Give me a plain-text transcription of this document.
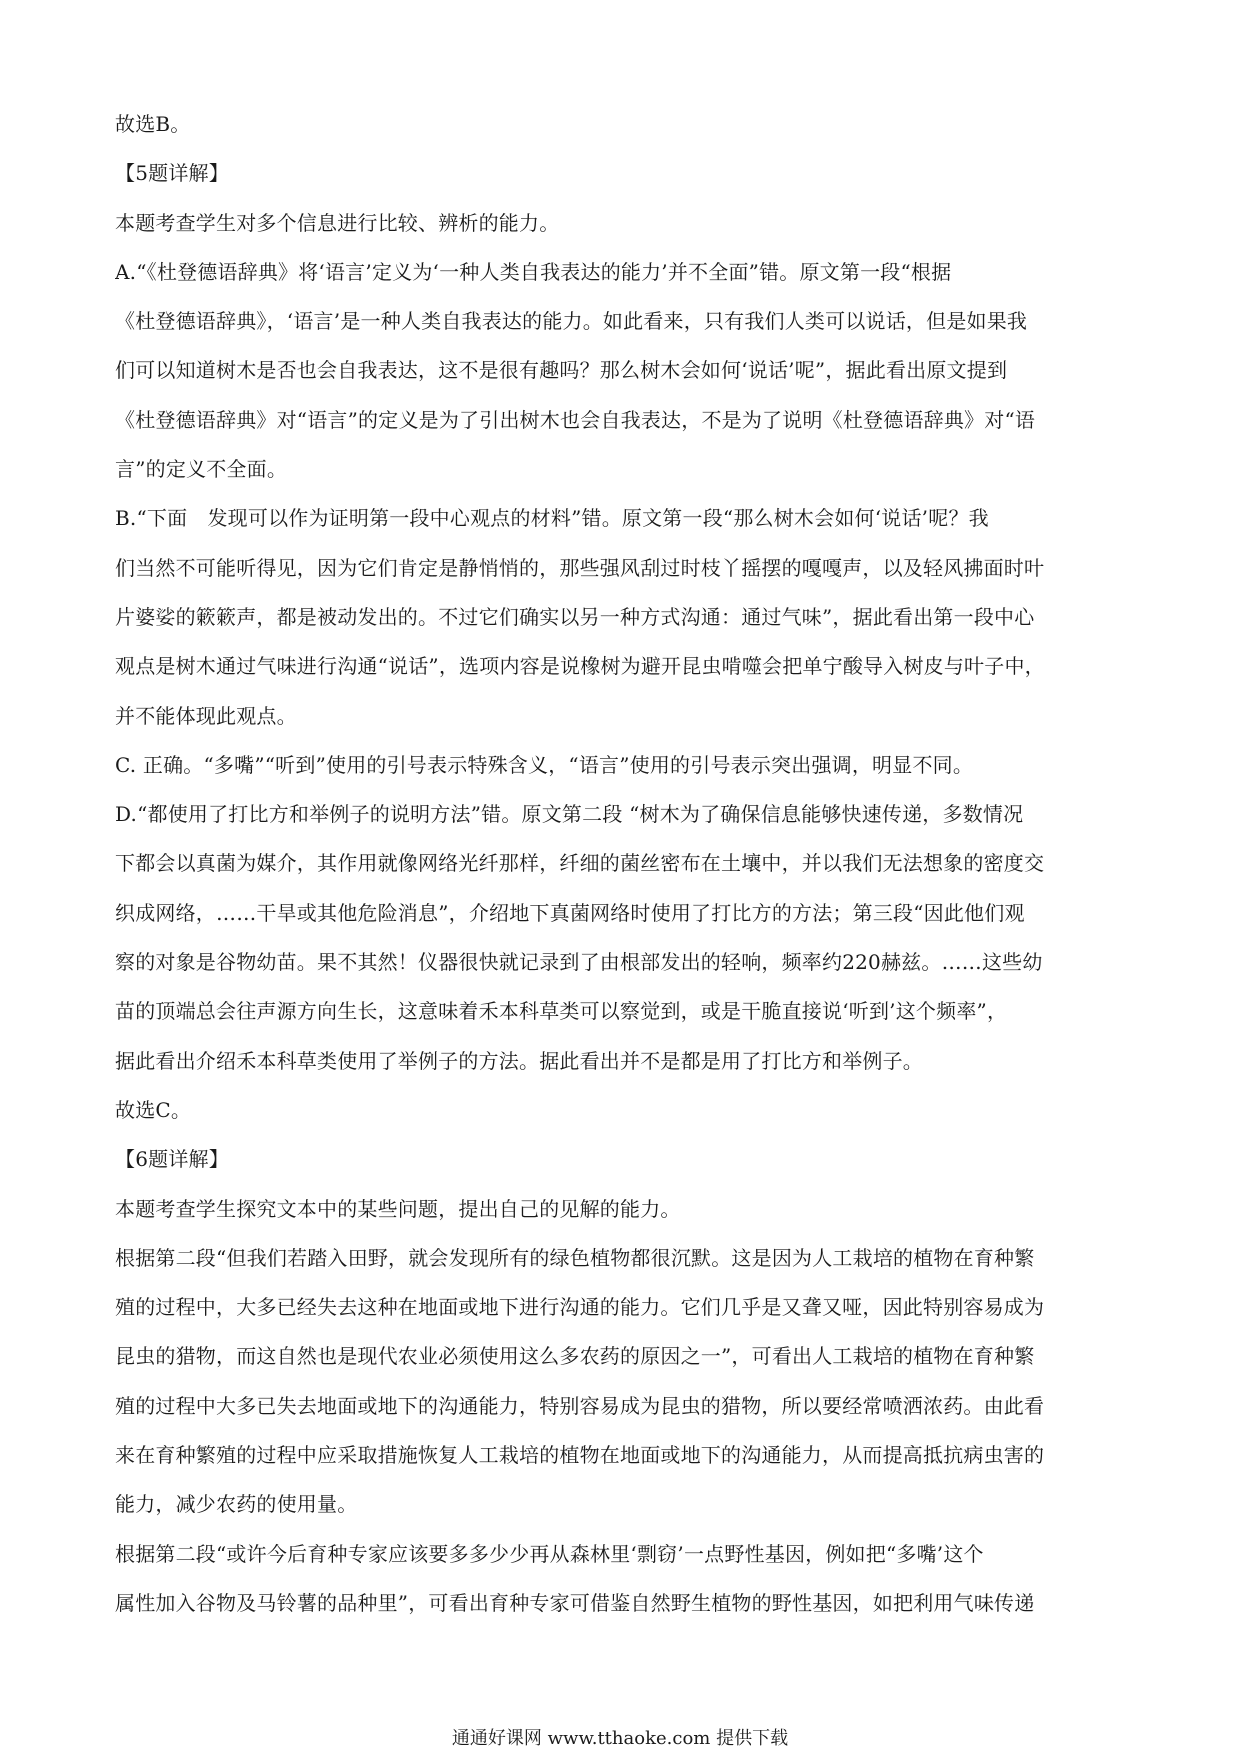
故选B。
【5题详解】
本题考查学生对多个信息进行比较、辨析的能力。
A.“《杜登德语辞典》将‘语言’定义为‘一种人类自我表达的能力’并不全面”错。原文第一段“根据
《杜登德语辞典》，‘语言’是一种人类自我表达的能力。如此看来，只有我们人类可以说话，但是如果我
们可以知道树木是否也会自我表达，这不是很有趣吗？那么树木会如何‘说话’呢”，据此看出原文提到
《杜登德语辞典》对“语言”的定义是为了引出树木也会自我表达，不是为了说明《杜登德语辞典》对“语
言”的定义不全面。
B.“下面　发现可以作为证明第一段中心观点的材料”错。原文第一段“那么树木会如何‘说话’呢？我
们当然不可能听得见，因为它们肯定是静悄悄的，那些强风刮过时枝丫摇摆的嘎嘎声，以及轻风拂面时叶
片婆娑的簌簌声，都是被动发出的。不过它们确实以另一种方式沟通：通过气味”，据此看出第一段中心
观点是树木通过气味进行沟通“说话”，选项内容是说橡树为避开昆虫啃噬会把单宁酸导入树皮与叶子中，
并不能体现此观点。
C. 正确。“多嘴”“听到”使用的引号表示特殊含义，“语言”使用的引号表示突出强调，明显不同。
D.“都使用了打比方和举例子的说明方法”错。原文第二段 “树木为了确保信息能够快速传递，多数情况
下都会以真菌为媒介，其作用就像网络光纤那样，纤细的菌丝密布在土壤中，并以我们无法想象的密度交
织成网络，……干旱或其他危险消息”，介绍地下真菌网络时使用了打比方的方法；第三段“因此他们观
察的对象是谷物幼苗。果不其然！仪器很快就记录到了由根部发出的轻响，频率约220赫兹。……这些幼
苗的顶端总会往声源方向生长，这意味着禾本科草类可以察觉到，或是干脆直接说‘听到’这个频率”，
据此看出介绍禾本科草类使用了举例子的方法。据此看出并不是都是用了打比方和举例子。
故选C。
【6题详解】
本题考查学生探究文本中的某些问题，提出自己的见解的能力。
根据第二段“但我们若踏入田野，就会发现所有的绿色植物都很沉默。这是因为人工栽培的植物在育种繁
殖的过程中，大多已经失去这种在地面或地下进行沟通的能力。它们几乎是又聋又哑，因此特别容易成为
昆虫的猎物，而这自然也是现代农业必须使用这么多农药的原因之一”，可看出人工栽培的植物在育种繁
殖的过程中大多已失去地面或地下的沟通能力，特别容易成为昆虫的猎物，所以要经常喷洒浓药。由此看
来在育种繁殖的过程中应采取措施恢复人工栽培的植物在地面或地下的沟通能力，从而提高抵抗病虫害的
能力，减少农药的使用量。
根据第二段“或许今后育种专家应该要多多少少再从森林里‘剽窃’一点野性基因，例如把“多嘴’这个
属性加入谷物及马铃薯的品种里”，可看出育种专家可借鉴自然野生植物的野性基因，如把利用气味传递
通通好课网 www.tthaoke.com 提供下载
